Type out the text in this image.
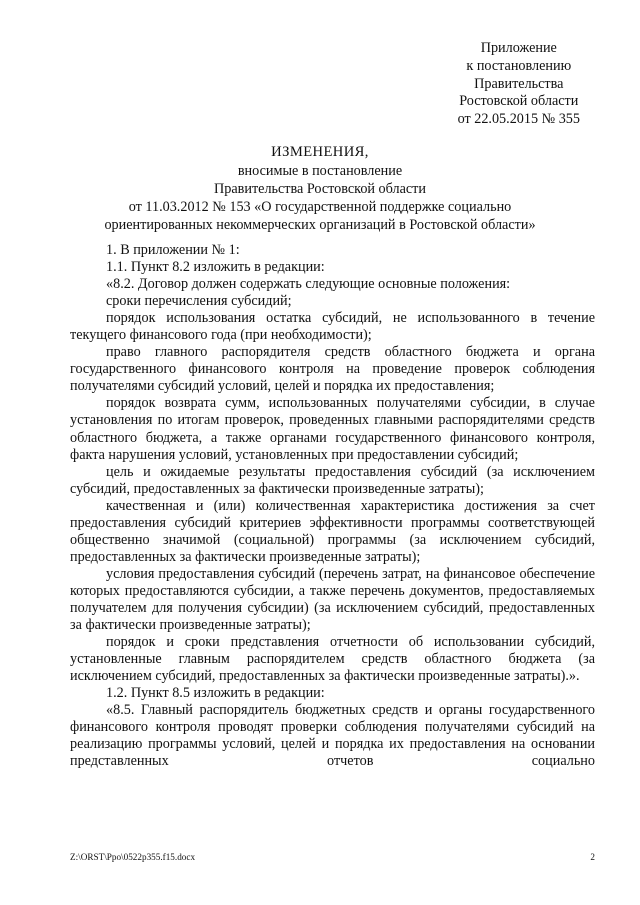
Приложение
к постановлению
Правительства
Ростовской области
от 22.05.2015 № 355
ИЗМЕНЕНИЯ,
вносимые в постановление
Правительства Ростовской области
от 11.03.2012 № 153 «О государственной поддержке социально
ориентированных некоммерческих организаций в Ростовской области»

1. В приложении № 1:

1.1. Пункт 8.2 изложить в редакции:

«8.2. Договор должен содержать следующие основные положения:

сроки перечисления субсидий;

порядок использования остатка субсидий, не использованного в течение текущего финансового года (при необходимости);

право главного распорядителя средств областного бюджета и органа государственного финансового контроля на проведение проверок соблюдения получателями субсидий условий, целей и порядка их предоставления;

порядок возврата сумм, использованных получателями субсидии, в случае установления по итогам проверок, проведенных главными распорядителями средств областного бюджета, а также органами государственного финансового контроля, факта нарушения условий, установленных при предоставлении субсидий;

цель и ожидаемые результаты предоставления субсидий (за исключением субсидий, предоставленных за фактически произведенные затраты);

качественная и (или) количественная характеристика достижения за счет предоставления субсидий критериев эффективности программы соответствующей общественно значимой (социальной) программы (за исключением субсидий, предоставленных за фактически произведенные затраты);

условия предоставления субсидий (перечень затрат, на финансовое обеспечение которых предоставляются субсидии, а также перечень документов, предоставляемых получателем для получения субсидии) (за исключением субсидий, предоставленных за фактически произведенные затраты);

порядок и сроки представления отчетности об использовании субсидий, установленные главным распорядителем средств областного бюджета (за исключением субсидий, предоставленных за фактически произведенные затраты).».

1.2. Пункт 8.5 изложить в редакции:

«8.5. Главный распорядитель бюджетных средств и органы государственного финансового контроля проводят проверки соблюдения получателями субсидий на реализацию программы условий, целей и порядка их предоставления на основании представленных отчетов социально

Z:\ORST\Ppo\0522p355.f15.docx	2
